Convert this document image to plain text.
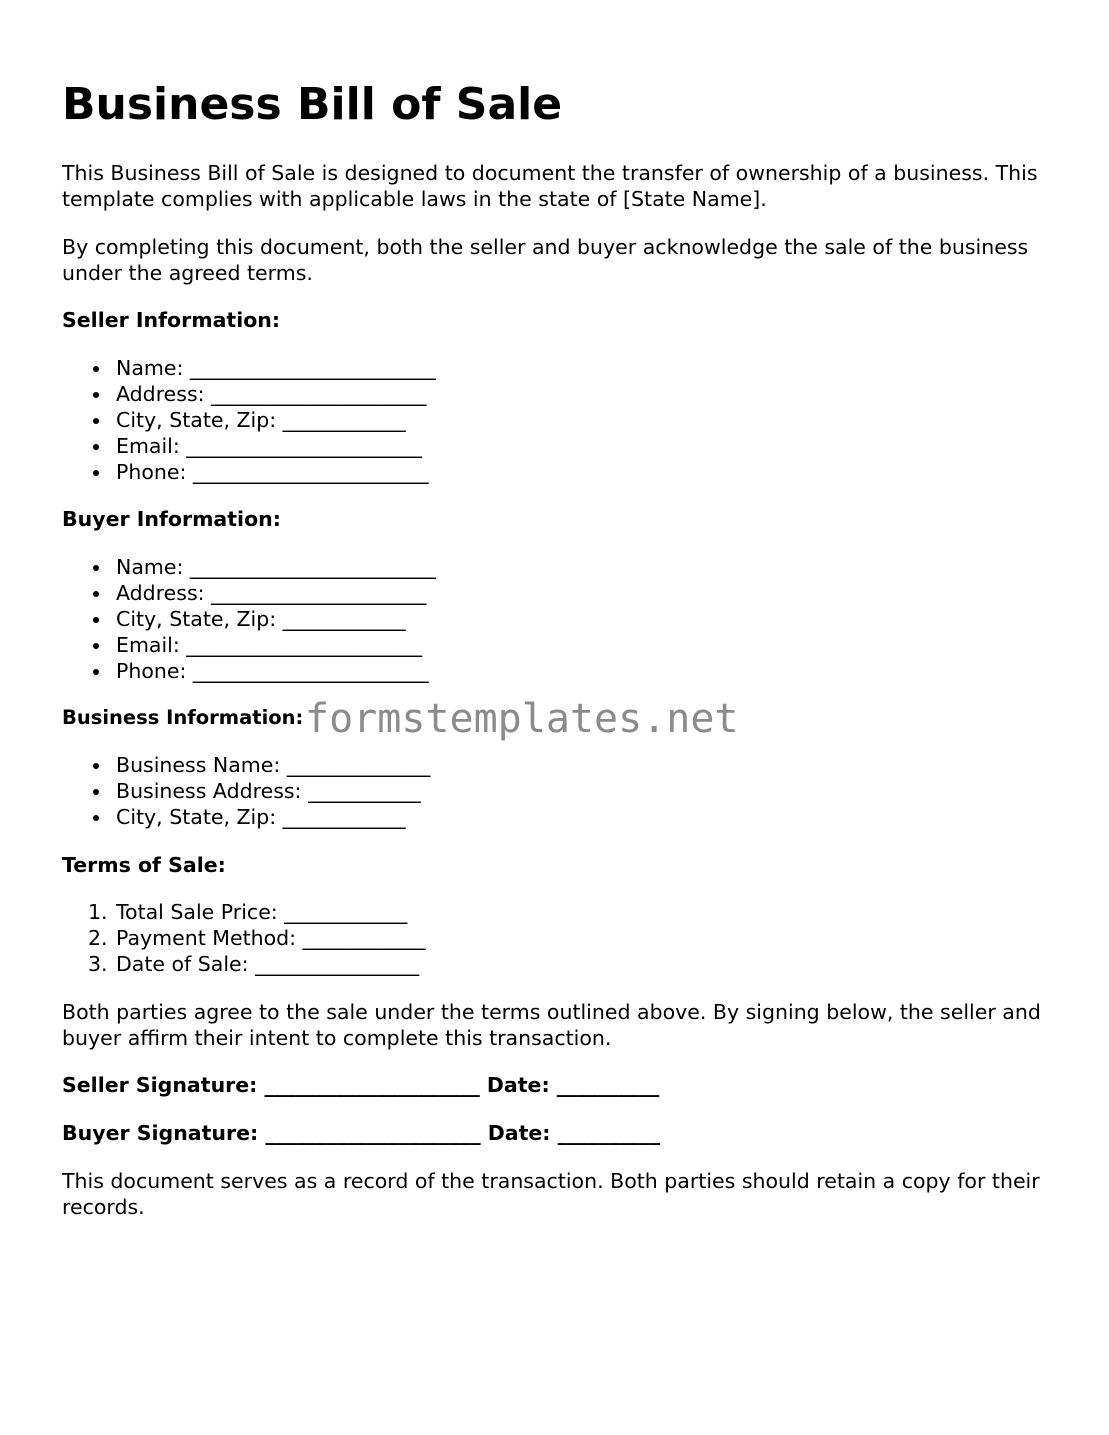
Business Bill of Sale

This Business Bill of Sale is designed to document the transfer of ownership of a business. This template complies with applicable laws in the state of [State Name].

By completing this document, both the seller and buyer acknowledge the sale of the business under the agreed terms.

Seller Information:
Name: ________________________
Address: _____________________
City, State, Zip: ____________
Email: _______________________
Phone: _______________________
Buyer Information:
Name: ________________________
Address: _____________________
City, State, Zip: ____________
Email: _______________________
Phone: _______________________
Business Information:
Business Name: ______________
Business Address: ___________
City, State, Zip: ____________
Terms of Sale:
1. Total Sale Price: ____________
2. Payment Method: ____________
3. Date of Sale: ________________

Both parties agree to the sale under the terms outlined above. By signing below, the seller and buyer affirm their intent to complete this transaction.

Seller Signature: _____________________ Date: __________

Buyer Signature: _____________________ Date: __________

This document serves as a record of the transaction. Both parties should retain a copy for their records.

formstemplates.net
